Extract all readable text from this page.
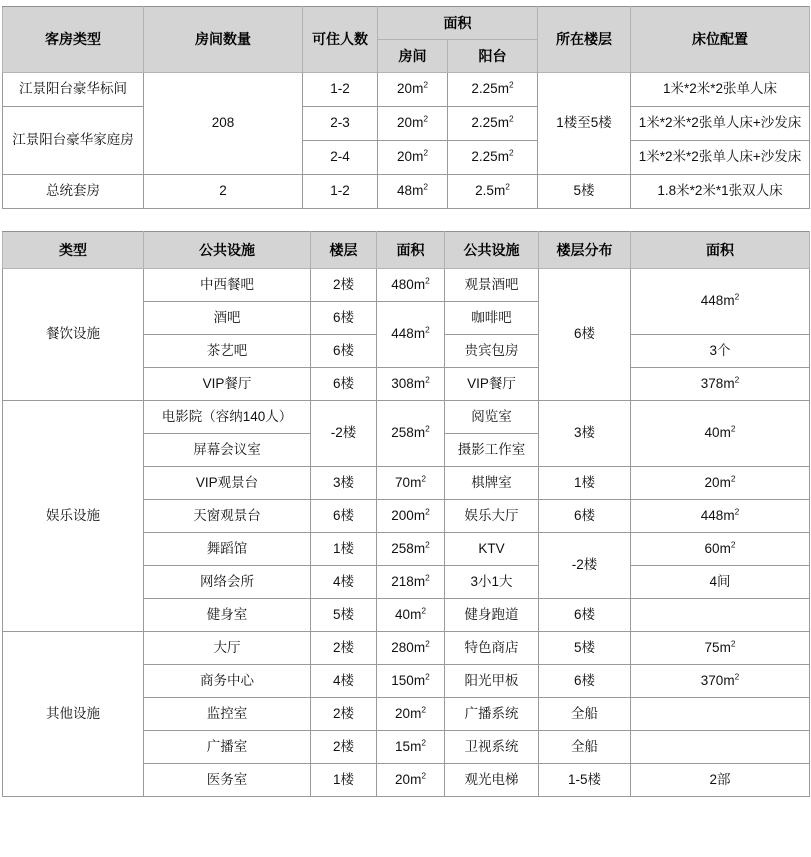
客房类型	房间数量	可住人数	面积		所在楼层	床位配置
			房间	阳台		
江景阳台豪华标间	208	1-2	$20m^2$	$2.25m^2$	1楼至5楼	1米*2米*2张单人床
江景阳台豪华家庭房		2-3	$20m^2$	$2.25m^2$		1米*2米*2张单人床+沙发床
		2-4	$20m^2$	$2.25m^2$		1米*2米*2张单人床+沙发床
总统套房	2	1-2	$48m^2$	$2.5m^2$	5楼	1.8米*2米*1张双人床
类型	公共设施	楼层	面积	公共设施	楼层分布	面积
餐饮设施	中西餐吧	2楼	$480m^2$	观景酒吧	6楼	$448m^2$
	酒吧	6楼	$448m^2$	咖啡吧		
	茶艺吧	6楼		贵宾包房		3个
	VIP餐厅	6楼	$308m^2$	VIP餐厅		$378m^2$
娱乐设施	电影院（容纳140人）	-2楼	$258m^2$	阅览室	3楼	$40m^2$
	屏幕会议室			摄影工作室		
	VIP观景台	3楼	$70m^2$	棋牌室	1楼	$20m^2$
	天窗观景台	6楼	$200m^2$	娱乐大厅	6楼	$448m^2$
	舞蹈馆	1楼	$258m^2$	KTV	-2楼	$60m^2$
	网络会所	4楼	$218m^2$	3小1大		4间
	健身室	5楼	$40m^2$	健身跑道	6楼	
其他设施	大厅	2楼	$280m^2$	特色商店	5楼	$75m^2$
	商务中心	4楼	$150m^2$	阳光甲板	6楼	$370m^2$
	监控室	2楼	$20m^2$	广播系统	全船	
	广播室	2楼	$15m^2$	卫视系统	全船	
	医务室	1楼	$20m^2$	观光电梯	1-5楼	2部
